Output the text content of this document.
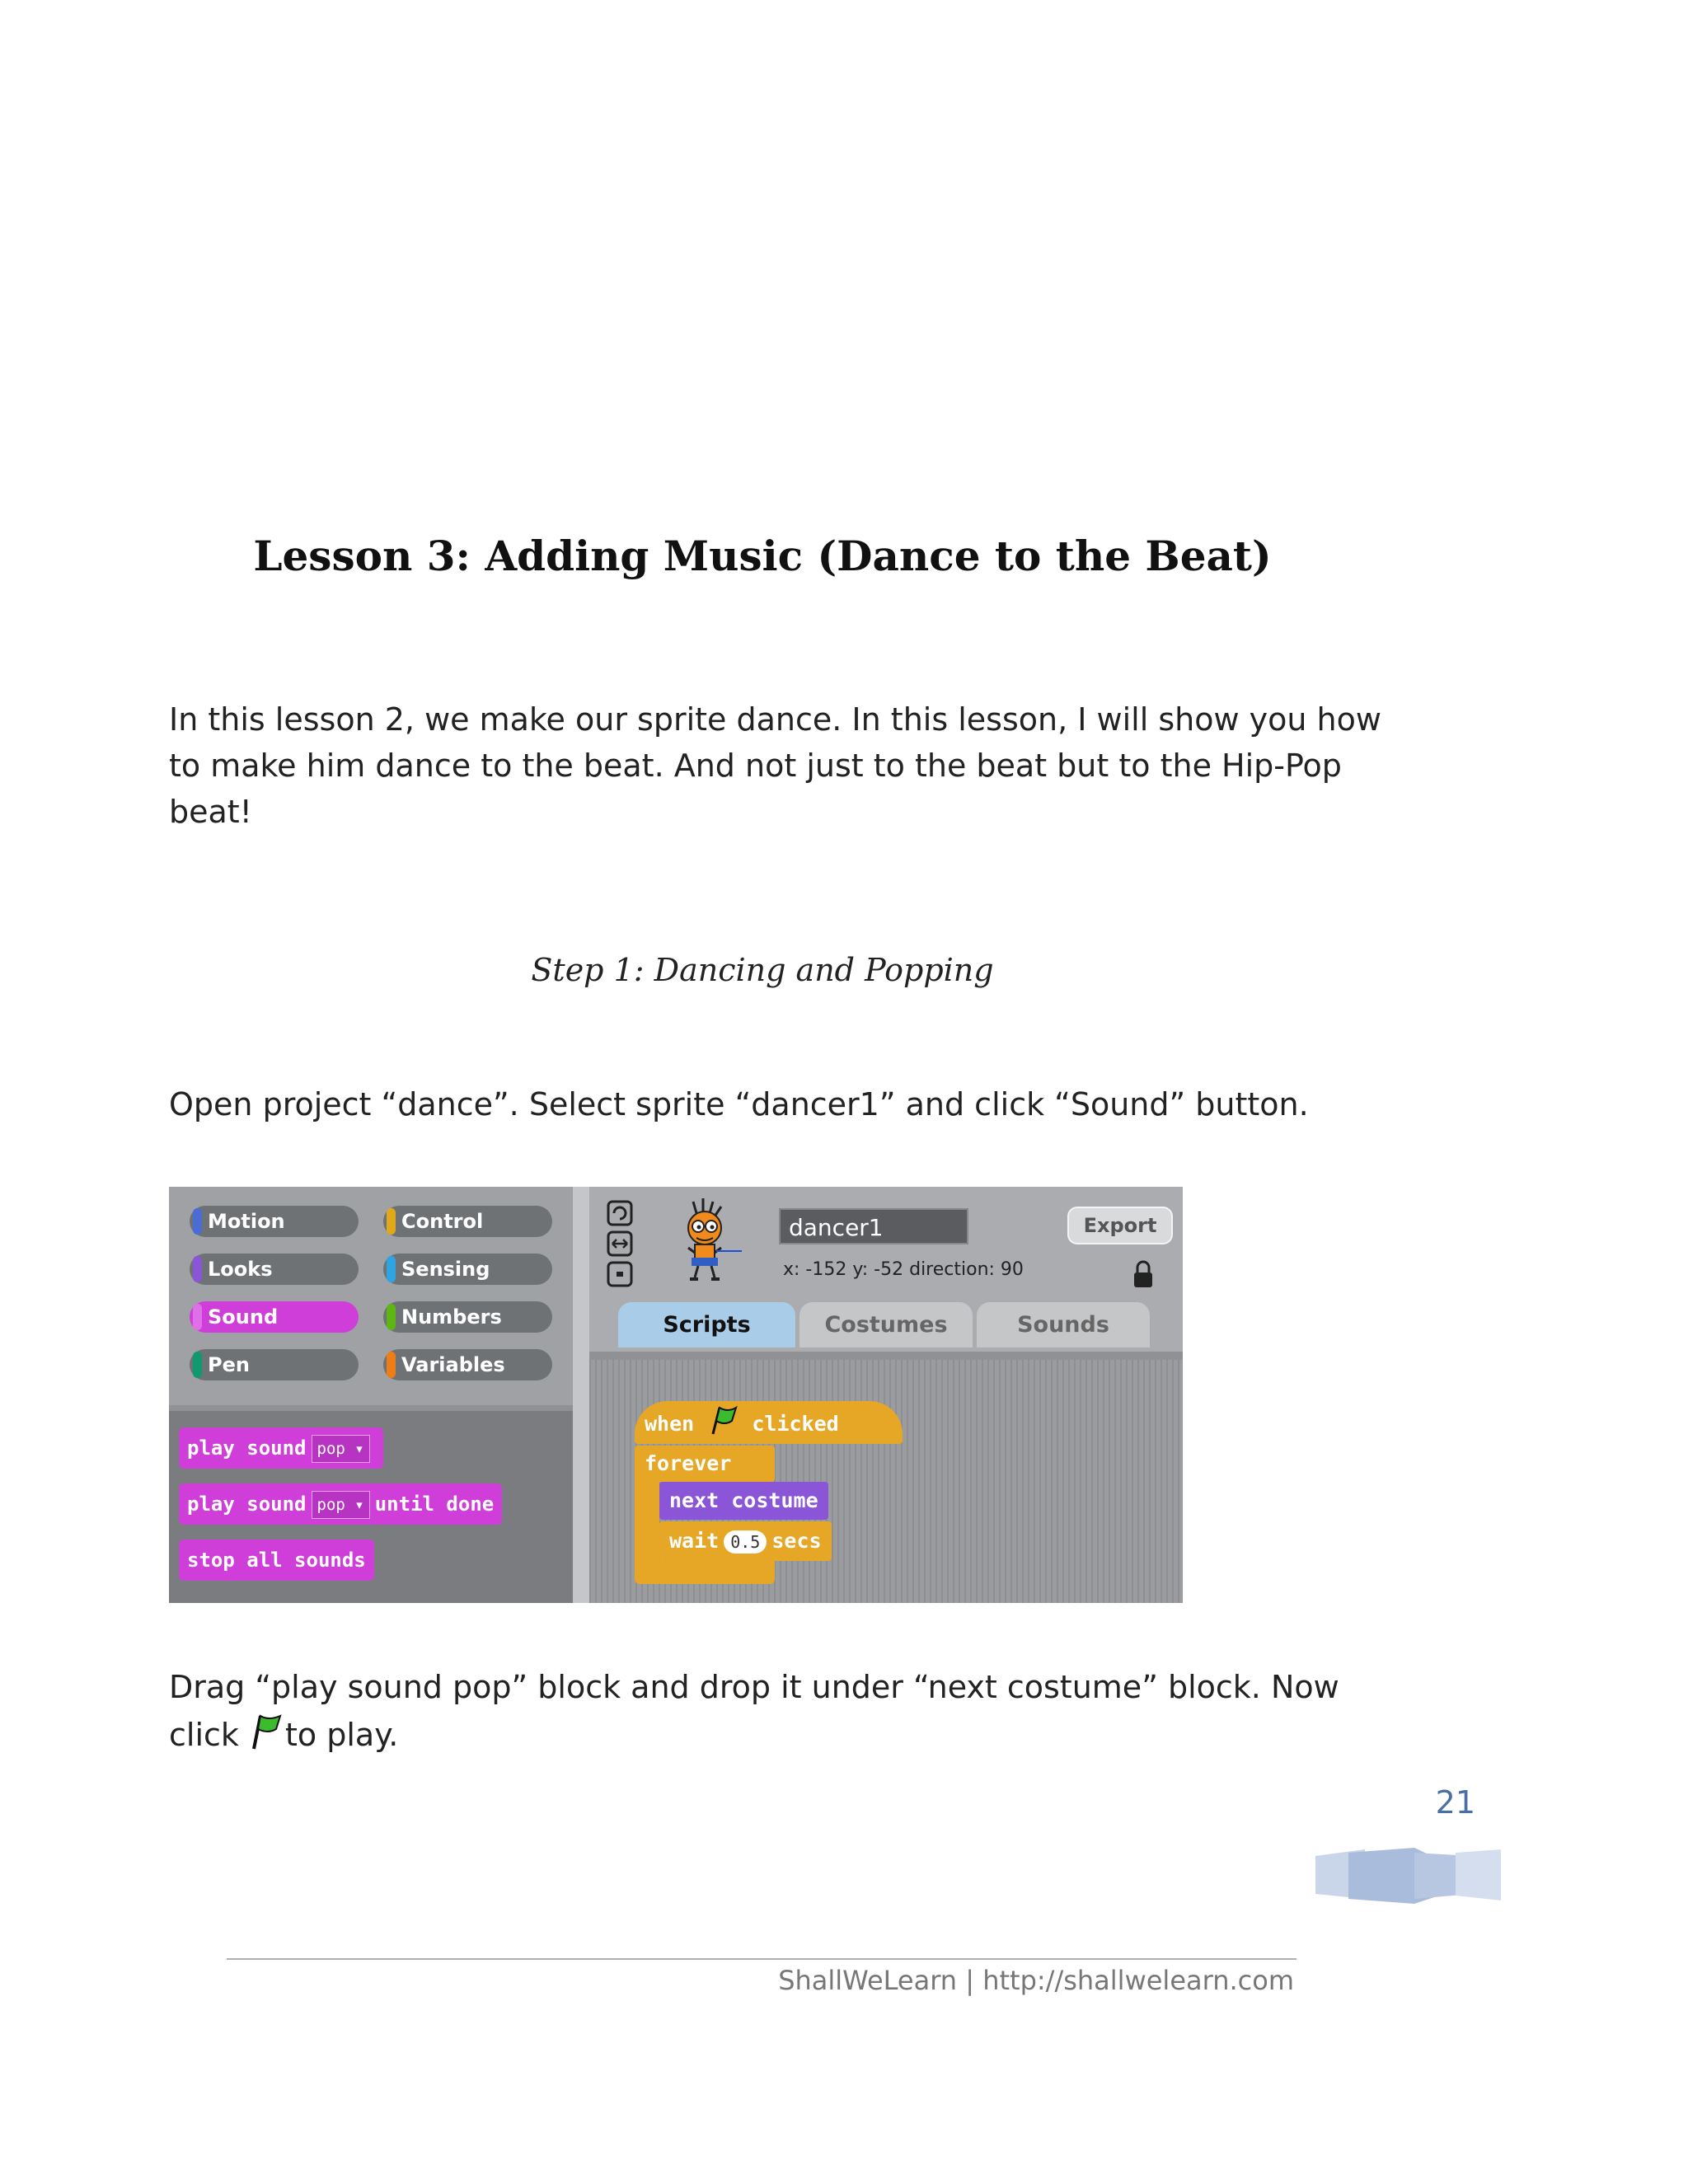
Lesson 3: Adding Music (Dance to the Beat)
In this lesson 2, we make our sprite dance. In this lesson, I will show you how to make him dance to the beat. And not just to the beat but to the Hip-Pop beat!
Step 1: Dancing and Popping
Open project “dance”. Select sprite “dancer1” and click “Sound” button.
Motion	Control
Looks	Sensing
Sound	Numbers
Pen	Variables
play sound pop ▾
play sound pop ▾ until done
stop all sounds
dancer1	Export
x: -152 y: -52 direction: 90
Scripts	Costumes	Sounds
when	clicked
forever
next costume
wait 0.5 secs
Drag “play sound pop” block and drop it under “next costume” block. Now click to play.
21
ShallWeLearn | http://shallwelearn.com
